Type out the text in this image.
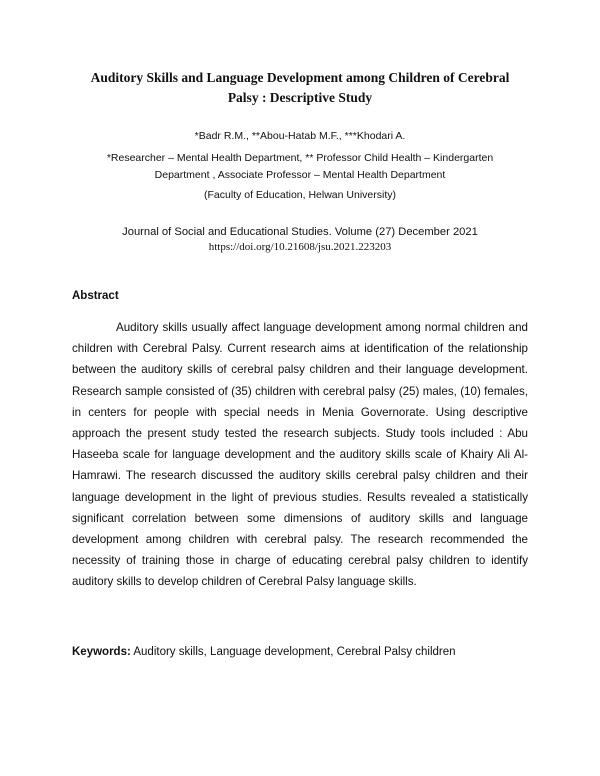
Auditory Skills and Language Development among Children of Cerebral
Palsy : Descriptive Study
*Badr R.M., **Abou-Hatab M.F., ***Khodari A.
*Researcher – Mental Health Department, ** Professor Child Health – Kindergarten
Department , Associate Professor – Mental Health Department
(Faculty of Education, Helwan University)
Journal of Social and Educational Studies. Volume (27) December 2021
https://doi.org/10.21608/jsu.2021.223203
Abstract

Auditory skills usually affect language development among normal children and children with Cerebral Palsy. Current research aims at identification of the relationship between the auditory skills of cerebral palsy children and their language development. Research sample consisted of (35) children with cerebral palsy (25) males, (10) females, in centers for people with special needs in Menia Governorate. Using descriptive approach the present study tested the research subjects. Study tools included : Abu Haseeba scale for language development and the auditory skills scale of Khairy Ali Al-Hamrawi. The research discussed the auditory skills cerebral palsy children and their language development in the light of previous studies. Results revealed a statistically significant correlation between some dimensions of auditory skills and language development among children with cerebral palsy. The research recommended the necessity of training those in charge of educating cerebral palsy children to identify auditory skills to develop children of Cerebral Palsy language skills.

Keywords: Auditory skills, Language development, Cerebral Palsy children
